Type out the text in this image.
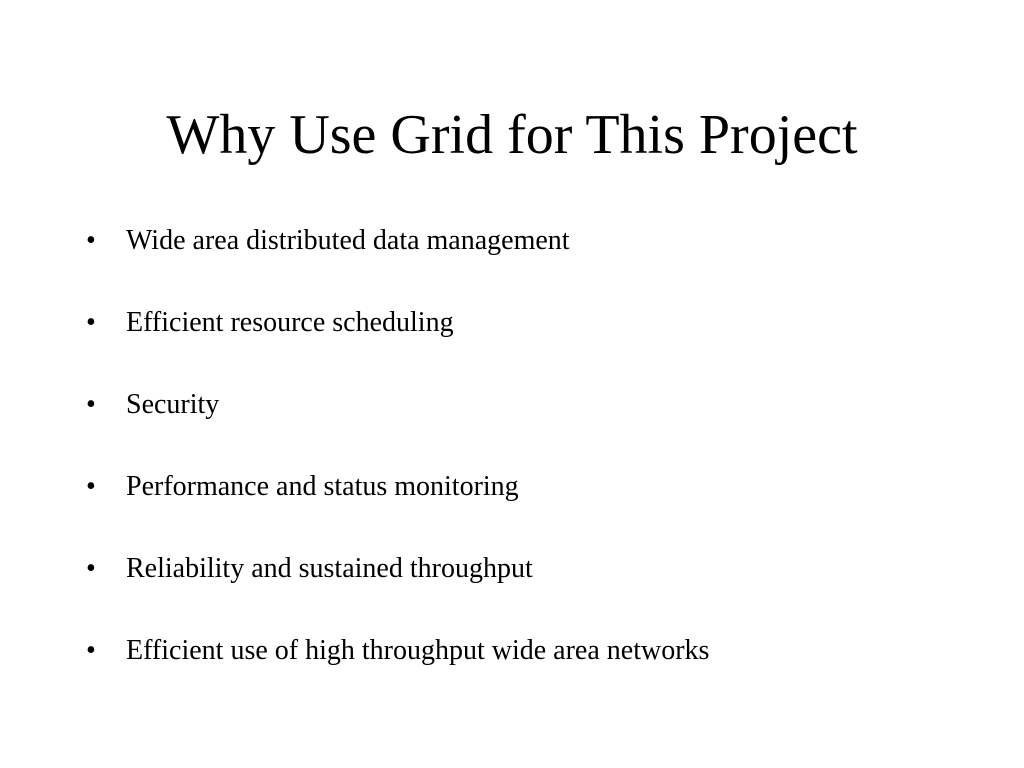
Why Use Grid for This Project
•	Wide area distributed data management
•	Efficient resource scheduling
•	Security
•	Performance and status monitoring
•	Reliability and sustained throughput
•	Efficient use of high throughput wide area networks
